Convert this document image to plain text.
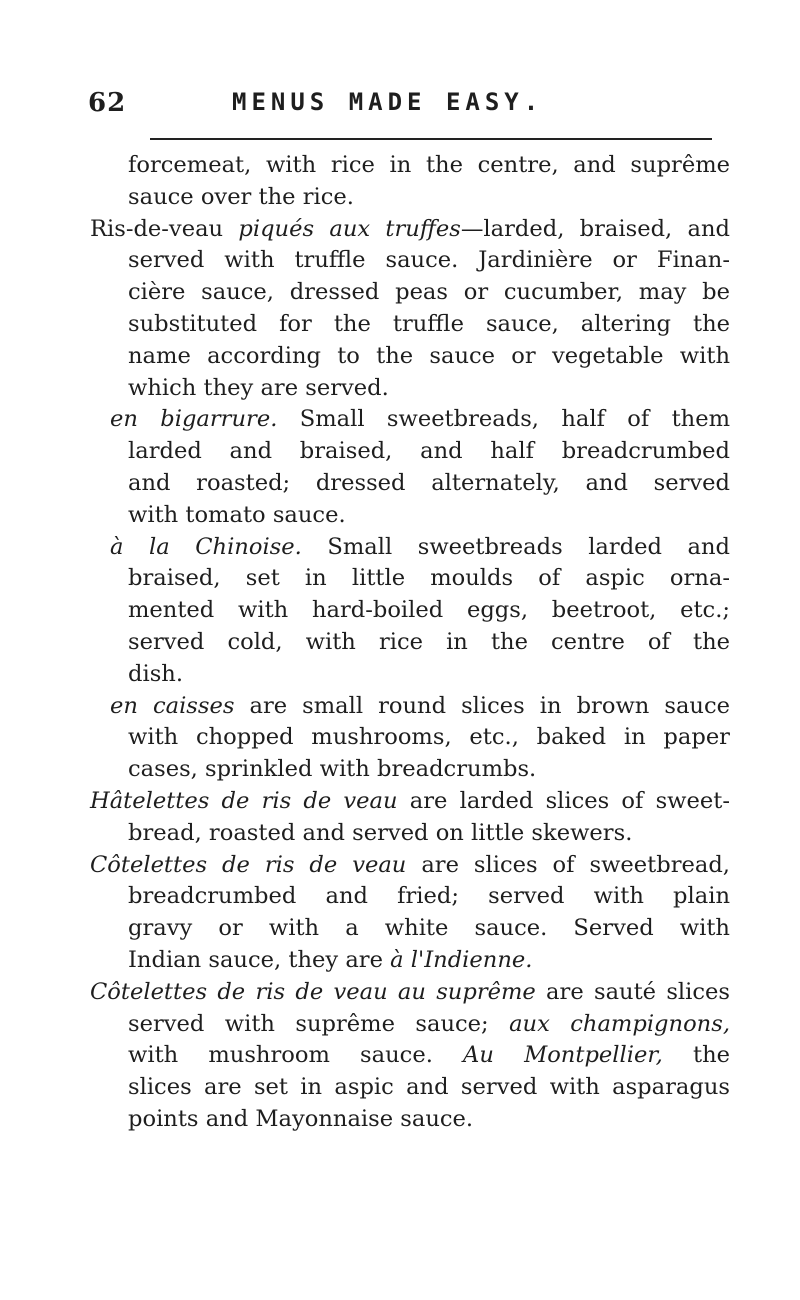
62	MENUS MADE EASY.
forcemeat, with rice in the centre, and suprême
sauce over the rice.
Ris-de-veau piqués aux truffes—larded, braised, and
served with truffle sauce. Jardinière or Finan-
cière sauce, dressed peas or cucumber, may be
substituted for the truffle sauce, altering the
name according to the sauce or vegetable with
which they are served.
en bigarrure. Small sweetbreads, half of them
larded and braised, and half breadcrumbed
and roasted; dressed alternately, and served
with tomato sauce.
à la Chinoise. Small sweetbreads larded and
braised, set in little moulds of aspic orna-
mented with hard-boiled eggs, beetroot, etc.;
served cold, with rice in the centre of the
dish.
en caisses are small round slices in brown sauce
with chopped mushrooms, etc., baked in paper
cases, sprinkled with breadcrumbs.
Hâtelettes de ris de veau are larded slices of sweet-
bread, roasted and served on little skewers.
Côtelettes de ris de veau are slices of sweetbread,
breadcrumbed and fried; served with plain
gravy or with a white sauce. Served with
Indian sauce, they are à l'Indienne.
Côtelettes de ris de veau au suprême are sauté slices
served with suprême sauce; aux champignons,
with mushroom sauce. Au Montpellier, the
slices are set in aspic and served with asparagus
points and Mayonnaise sauce.
